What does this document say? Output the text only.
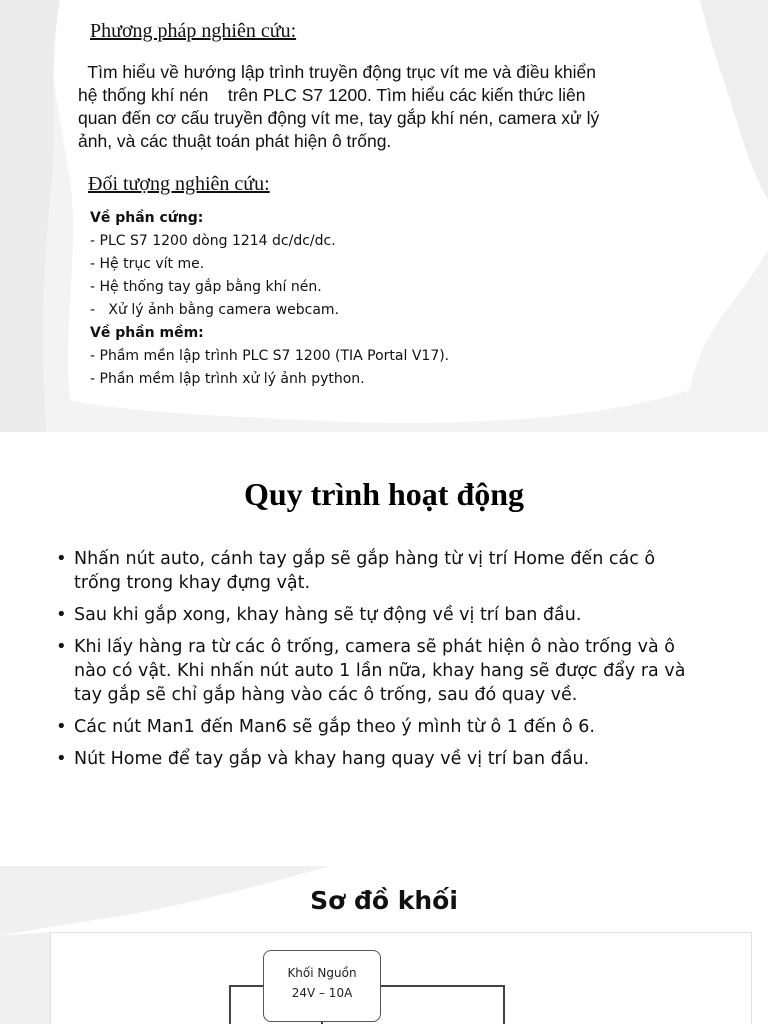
Phương pháp nghiên cứu:

Tìm hiểu về hướng lập trình truyền động trục vít me và điều khiển
hệ thống khí nén    trên PLC S7 1200. Tìm hiểu các kiến thức liên
quan đến cơ cấu truyền động vít me, tay gắp khí nén, camera xử lý
ảnh, và các thuật toán phát hiện ô trống.

Đối tượng nghiên cứu:
Về phần cứng:
- PLC S7 1200 dòng 1214 dc/dc/dc.
- Hệ trục vít me.
- Hệ thống tay gắp bằng khí nén.
-   Xử lý ảnh bằng camera webcam.
Về phần mềm:
- Phầm mền lập trình PLC S7 1200 (TIA Portal V17).
- Phần mềm lập trình xử lý ảnh python.
Quy trình hoạt động
• Nhấn nút auto, cánh tay gắp sẽ gắp hàng từ vị trí Home đến các ô
trống trong khay đựng vật.
• Sau khi gắp xong, khay hàng sẽ tự động về vị trí ban đầu.
• Khi lấy hàng ra từ các ô trống, camera sẽ phát hiện ô nào trống và ô
nào có vật. Khi nhấn nút auto 1 lần nữa, khay hang sẽ được đẩy ra và
tay gắp sẽ chỉ gắp hàng vào các ô trống, sau đó quay về.
• Các nút Man1 đến Man6 sẽ gắp theo ý mình từ ô 1 đến ô 6.
• Nút Home để tay gắp và khay hang quay về vị trí ban đầu.
Sơ đồ khối
Khối Nguồn
24V – 10A
